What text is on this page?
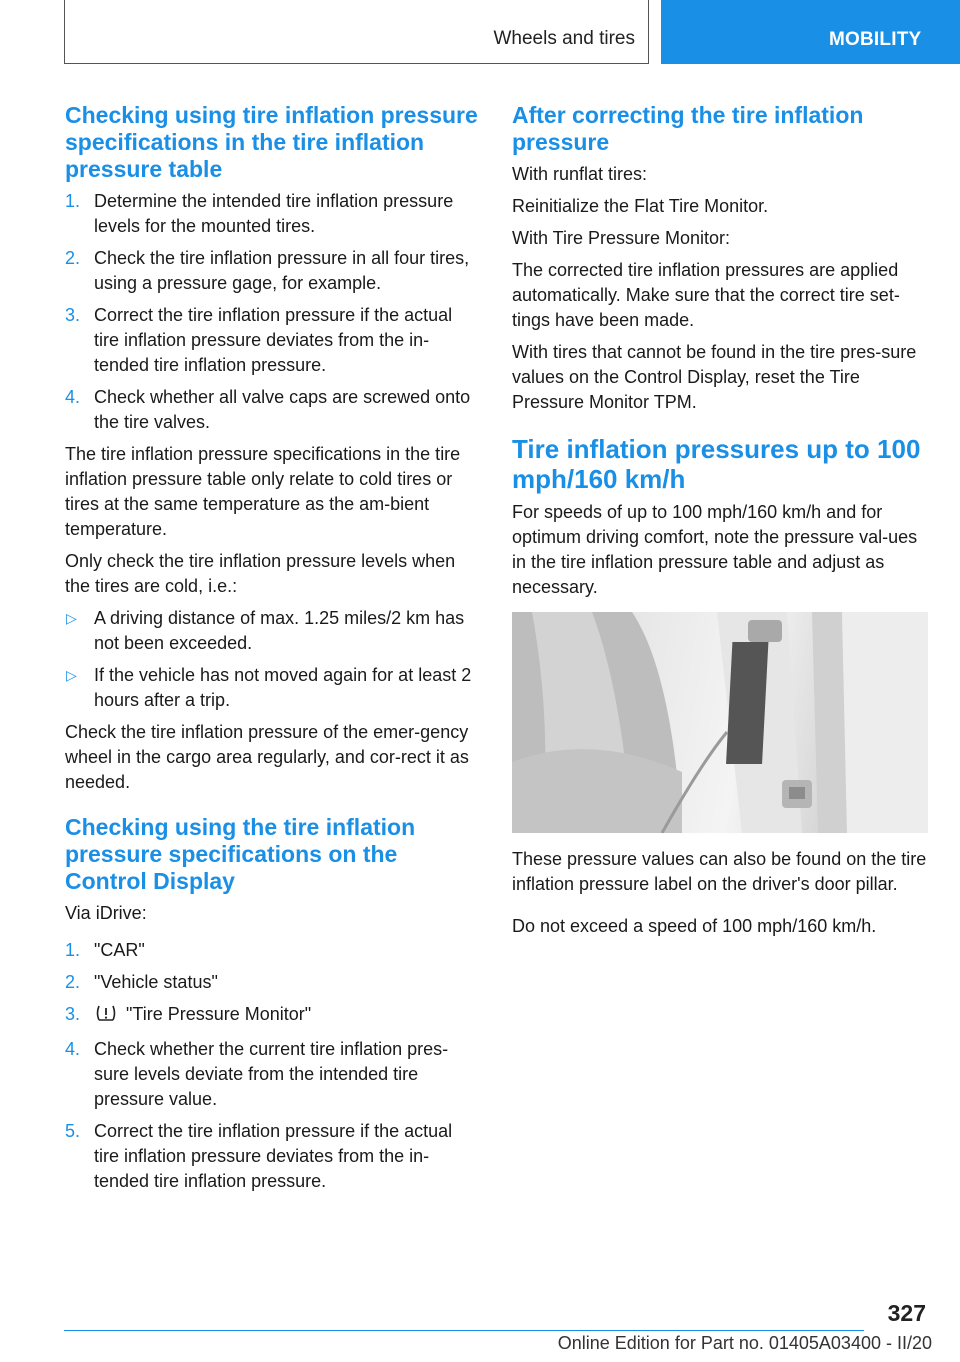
Wheels and tires	MOBILITY
Checking using tire inflation pressure specifications in the tire inflation pressure table
1. Determine the intended tire inflation pressure levels for the mounted tires.
2. Check the tire inflation pressure in all four tires, using a pressure gage, for example.
3. Correct the tire inflation pressure if the actual tire inflation pressure deviates from the in-tended tire inflation pressure.
4. Check whether all valve caps are screwed onto the tire valves.

The tire inflation pressure specifications in the tire inflation pressure table only relate to cold tires or tires at the same temperature as the am-bient temperature.

Only check the tire inflation pressure levels when the tires are cold, i.e.:

▷ A driving distance of max. 1.25 miles/2 km has not been exceeded.
▷ If the vehicle has not moved again for at least 2 hours after a trip.

Check the tire inflation pressure of the emer-gency wheel in the cargo area regularly, and cor-rect it as needed.

Checking using the tire inflation pressure specifications on the Control Display

Via iDrive:

1. "CAR"
2. "Vehicle status"
3.	"Tire Pressure Monitor"
4. Check whether the current tire inflation pres-sure levels deviate from the intended tire pressure value.
5. Correct the tire inflation pressure if the actual tire inflation pressure deviates from the in-tended tire inflation pressure.
After correcting the tire inflation pressure

With runflat tires:

Reinitialize the Flat Tire Monitor.

With Tire Pressure Monitor:

The corrected tire inflation pressures are applied automatically. Make sure that the correct tire set-tings have been made.

With tires that cannot be found in the tire pres-sure values on the Control Display, reset the Tire Pressure Monitor TPM.

Tire inflation pressures up to 100 mph/160 km/h

For speeds of up to 100 mph/160 km/h and for optimum driving comfort, note the pressure val-ues in the tire inflation pressure table and adjust as necessary.

These pressure values can also be found on the tire inflation pressure label on the driver's door pillar.

Do not exceed a speed of 100 mph/160 km/h.

327
Online Edition for Part no. 01405A03400 - II/20
